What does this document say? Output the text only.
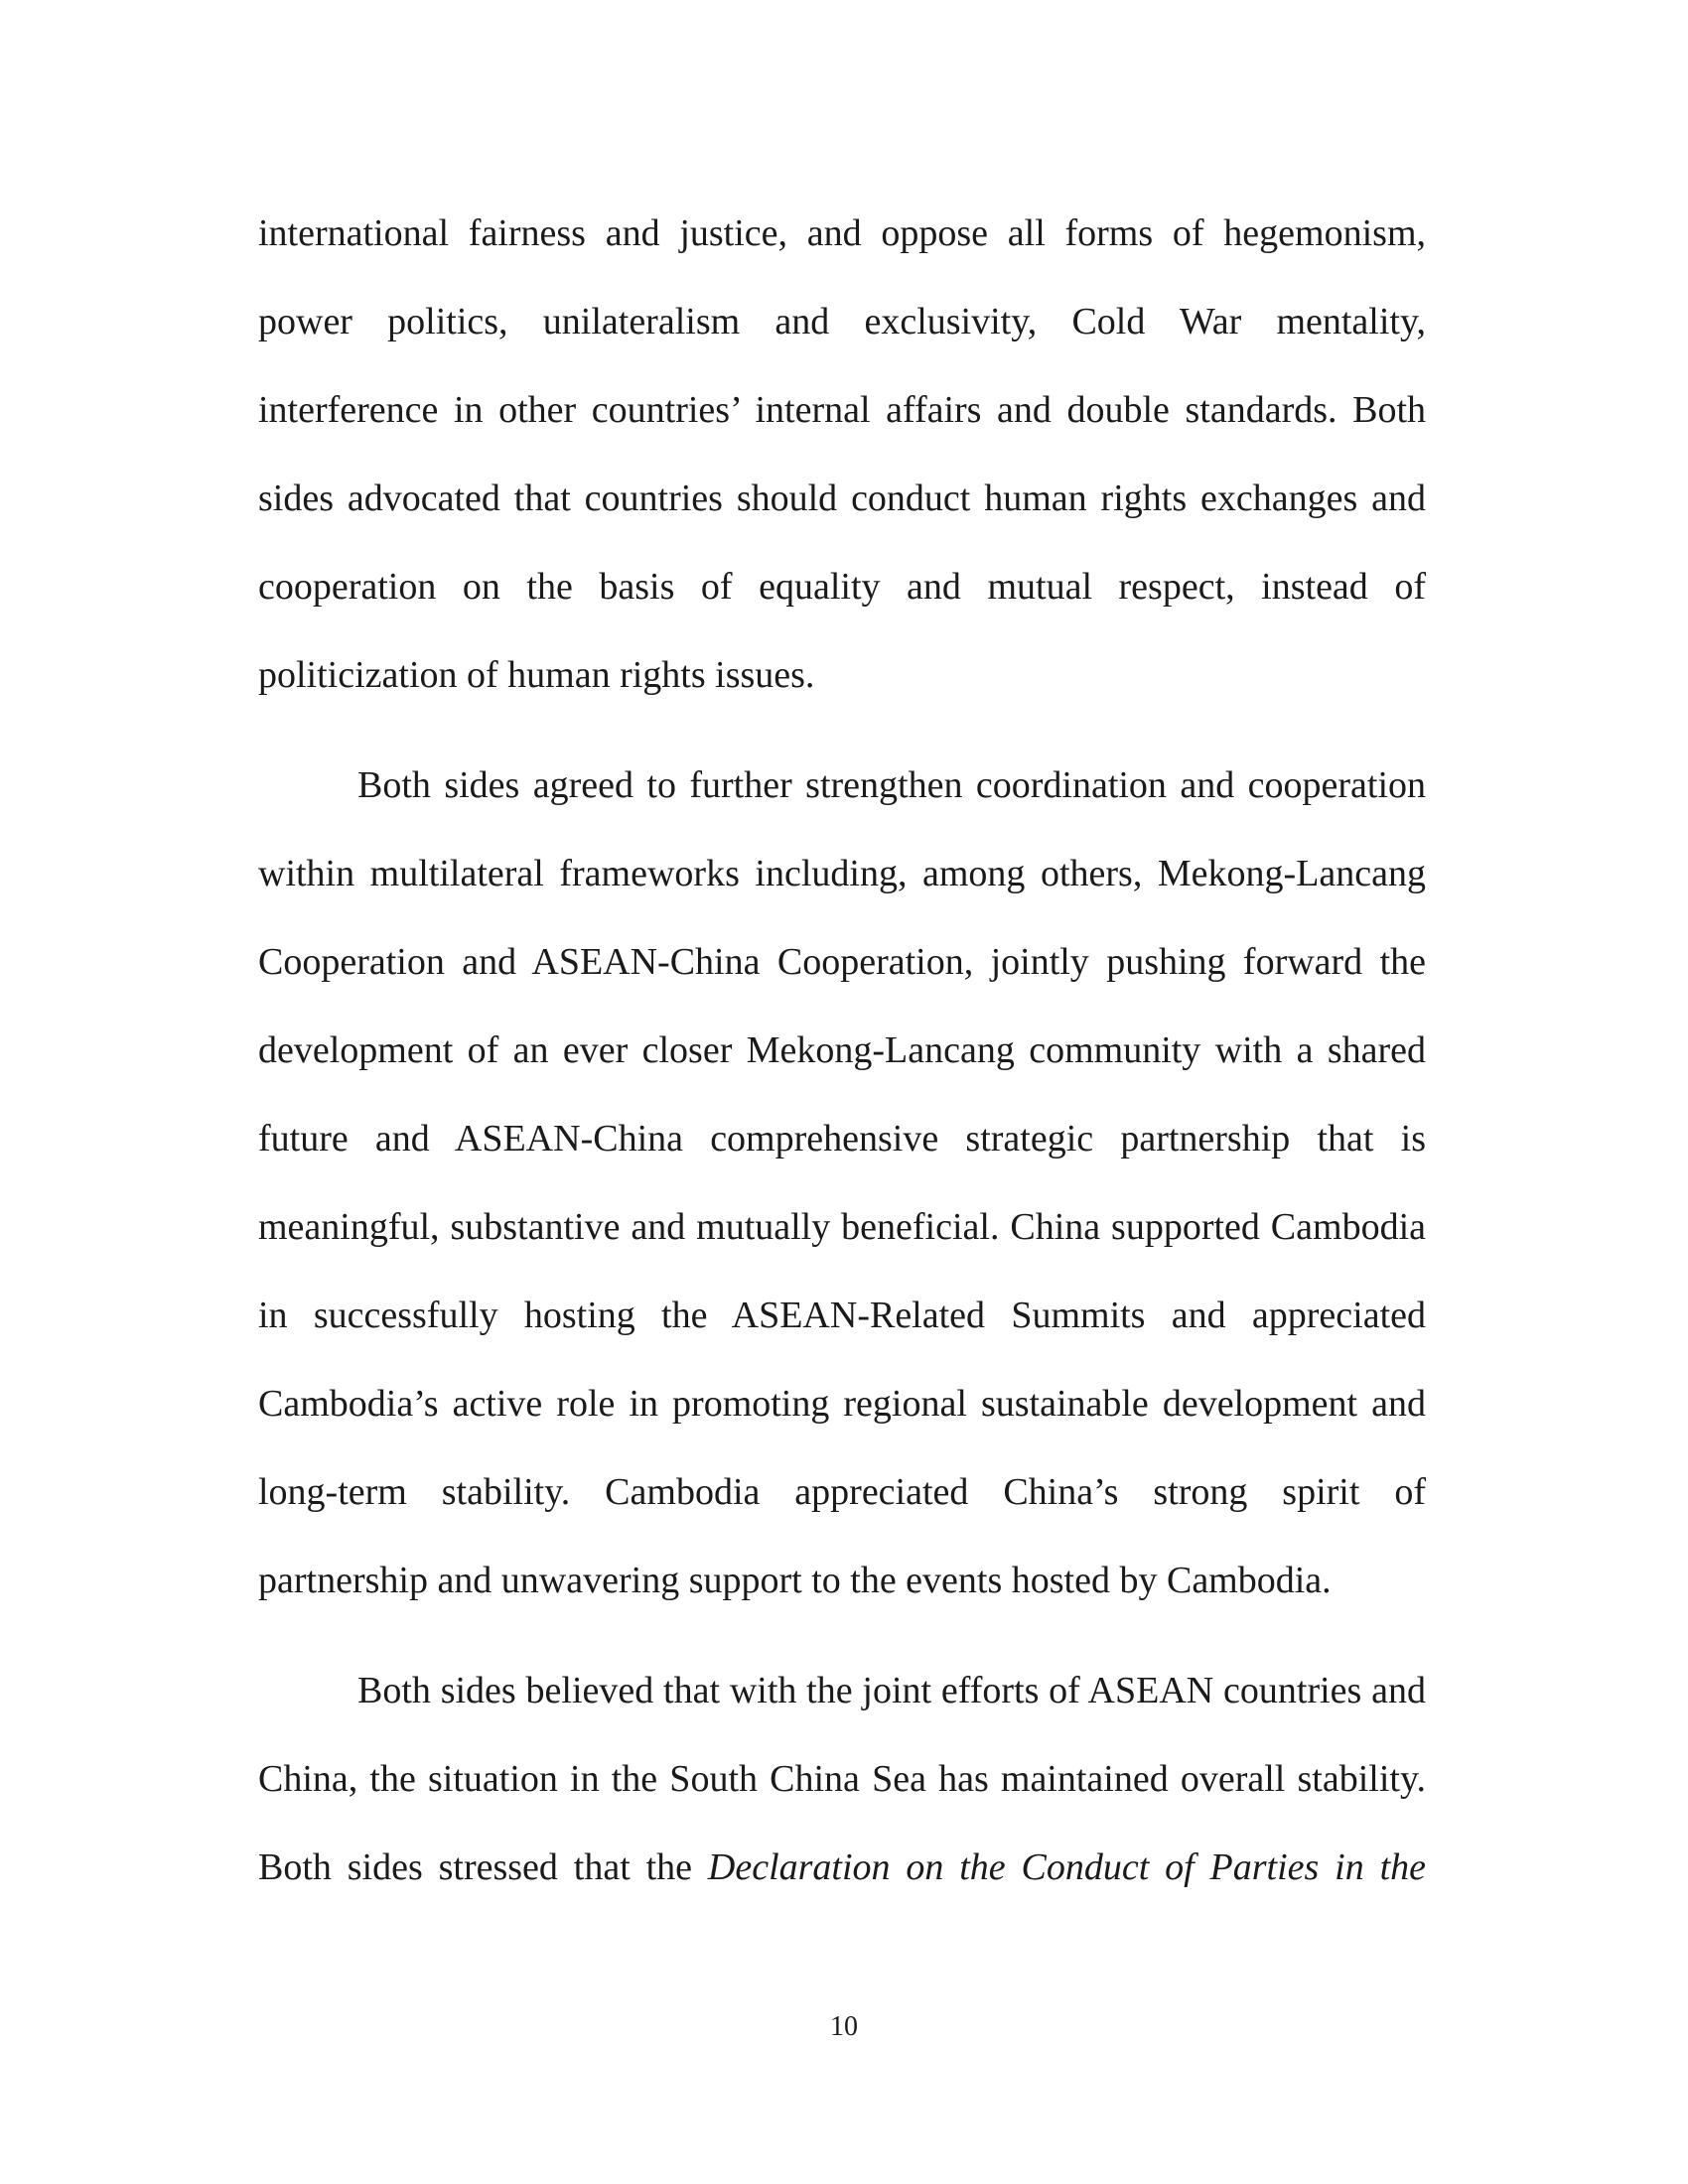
international fairness and justice, and oppose all forms of hegemonism, power politics, unilateralism and exclusivity, Cold War mentality, interference in other countries’ internal affairs and double standards. Both sides advocated that countries should conduct human rights exchanges and cooperation on the basis of equality and mutual respect, instead of politicization of human rights issues.

Both sides agreed to further strengthen coordination and cooperation within multilateral frameworks including, among others, Mekong-Lancang Cooperation and ASEAN-China Cooperation, jointly pushing forward the development of an ever closer Mekong-Lancang community with a shared future and ASEAN-China comprehensive strategic partnership that is meaningful, substantive and mutually beneficial. China supported Cambodia in successfully hosting the ASEAN-Related Summits and appreciated Cambodia’s active role in promoting regional sustainable development and long-term stability. Cambodia appreciated China’s strong spirit of partnership and unwavering support to the events hosted by Cambodia.

Both sides believed that with the joint efforts of ASEAN countries and China, the situation in the South China Sea has maintained overall stability. Both sides stressed that the Declaration on the Conduct of Parties in the

10
